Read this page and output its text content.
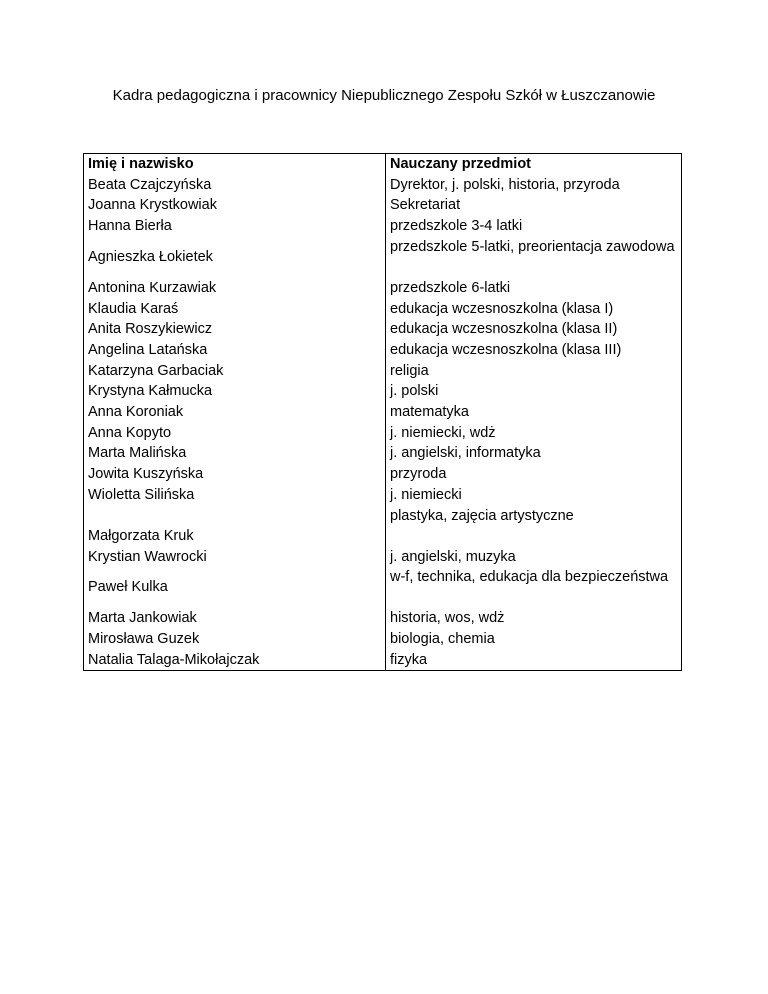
Kadra pedagogiczna i pracownicy Niepublicznego Zespołu Szkół w Łuszczanowie
Imię i nazwisko	Nauczany przedmiot
Beata Czajczyńska	Dyrektor, j. polski, historia, przyroda
Joanna Krystkowiak	Sekretariat
Hanna Bierła	przedszkole 3-4 latki
Agnieszka Łokietek	przedszkole 5-latki, preorientacja zawodowa
Antonina Kurzawiak	przedszkole 6-latki
Klaudia Karaś	edukacja wczesnoszkolna (klasa I)
Anita Roszykiewicz	edukacja wczesnoszkolna (klasa II)
Angelina Latańska	edukacja wczesnoszkolna (klasa III)
Katarzyna Garbaciak	religia
Krystyna Kałmucka	j. polski
Anna Koroniak	matematyka
Anna Kopyto	j. niemiecki, wdż
Marta Malińska	j. angielski, informatyka
Jowita Kuszyńska	przyroda
Wioletta Silińska	j. niemiecki
Małgorzata Kruk	plastyka, zajęcia artystyczne
Krystian Wawrocki	j. angielski, muzyka
Paweł Kulka	w-f, technika, edukacja dla bezpieczeństwa
Marta Jankowiak	historia, wos, wdż
Mirosława Guzek	biologia, chemia
Natalia Talaga-Mikołajczak	fizyka
